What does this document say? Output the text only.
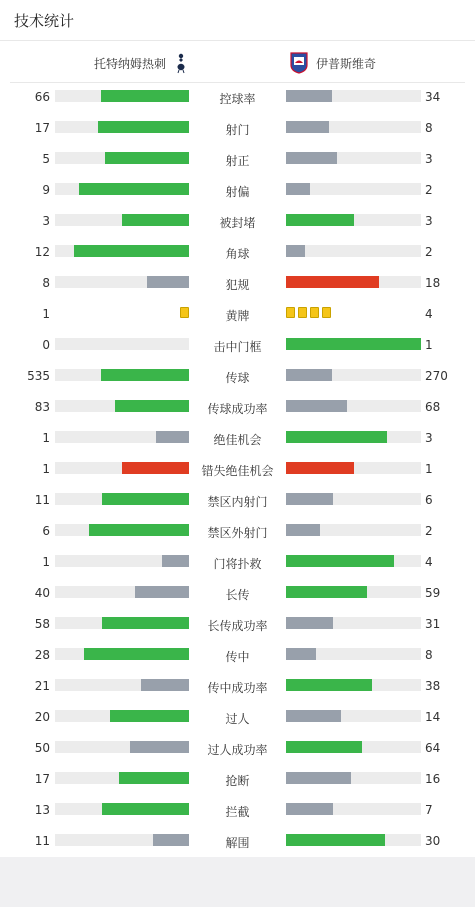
技术统计
托特纳姆热刺	伊普斯维奇
66	控球率	34
17	射门	8
5	射正	3
9	射偏	2
3	被封堵	3
12	角球	2
8	犯规	18
1	黄牌	4
0	击中门框	1
535	传球	270
83	传球成功率	68
1	绝佳机会	3
1	错失绝佳机会	1
11	禁区内射门	6
6	禁区外射门	2
1	门将扑救	4
40	长传	59
58	长传成功率	31
28	传中	8
21	传中成功率	38
20	过人	14
50	过人成功率	64
17	抢断	16
13	拦截	7
11	解围	30
